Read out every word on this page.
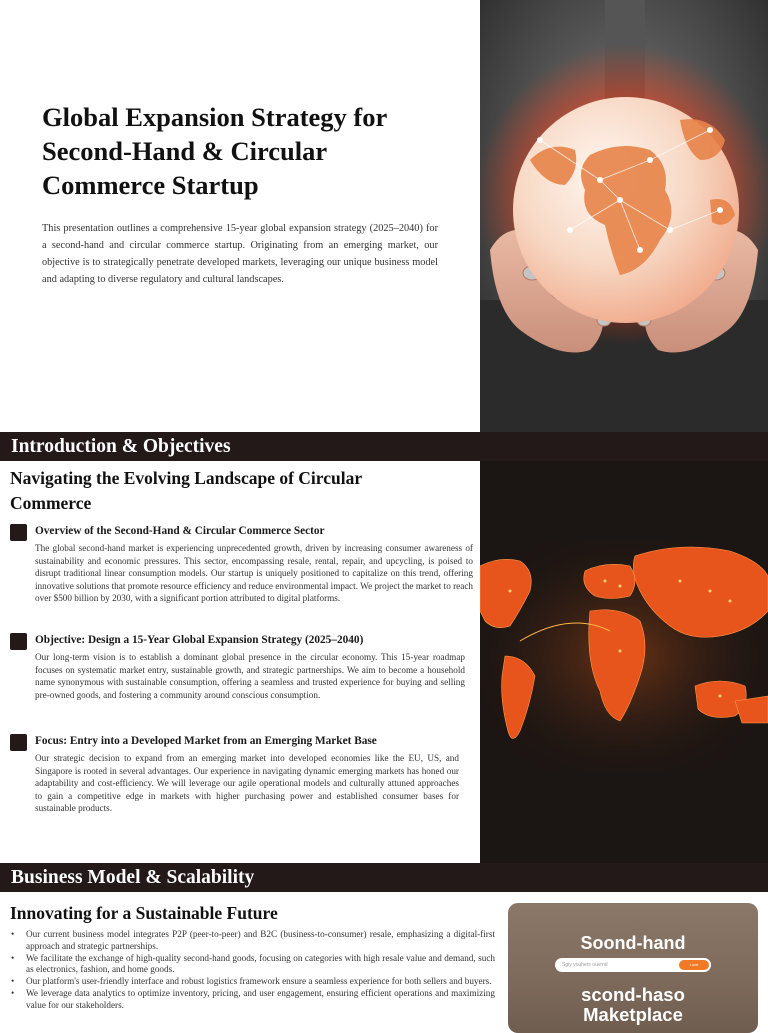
Global Expansion Strategy for Second-Hand & Circular Commerce Startup

This presentation outlines a comprehensive 15-year global expansion strategy (2025–2040) for a second-hand and circular commerce startup. Originating from an emerging market, our objective is to strategically penetrate developed markets, leveraging our unique business model and adapting to diverse regulatory and cultural landscapes.

Introduction & Objectives
Navigating the Evolving Landscape of Circular Commerce
Overview of the Second-Hand & Circular Commerce Sector

The global second-hand market is experiencing unprecedented growth, driven by increasing consumer awareness of sustainability and economic pressures. This sector, encompassing resale, rental, repair, and upcycling, is poised to disrupt traditional linear consumption models. Our startup is uniquely positioned to capitalize on this trend, offering innovative solutions that promote resource efficiency and reduce environmental impact. We project the market to reach over $500 billion by 2030, with a significant portion attributed to digital platforms.

Objective: Design a 15-Year Global Expansion Strategy (2025–2040)

Our long-term vision is to establish a dominant global presence in the circular economy. This 15-year roadmap focuses on systematic market entry, sustainable growth, and strategic partnerships. We aim to become a household name synonymous with sustainable consumption, offering a seamless and trusted experience for buying and selling pre-owned goods, and fostering a community around conscious consumption.

Focus: Entry into a Developed Market from an Emerging Market Base

Our strategic decision to expand from an emerging market into developed economies like the EU, US, and Singapore is rooted in several advantages. Our experience in navigating dynamic emerging markets has honed our adaptability and cost-efficiency. We will leverage our agile operational models and culturally attuned approaches to gain a competitive edge in markets with higher purchasing power and established consumer bases for sustainable products.

Business Model & Scalability
Innovating for a Sustainable Future
• Our current business model integrates P2P (peer-to-peer) and B2C (business-to-consumer) resale, emphasizing a digital-first approach and strategic partnerships.
• We facilitate the exchange of high-quality second-hand goods, focusing on categories with high resale value and demand, such as electronics, fashion, and home goods.
• Our platform's user-friendly interface and robust logistics framework ensure a seamless experience for both sellers and buyers.
• We leverage data analytics to optimize inventory, pricing, and user engagement, ensuring efficient operations and maximizing value for our stakeholders.
Soond-hand
Sgiy youhers ouvrnd	Luve
scond-haso
Maketplace
